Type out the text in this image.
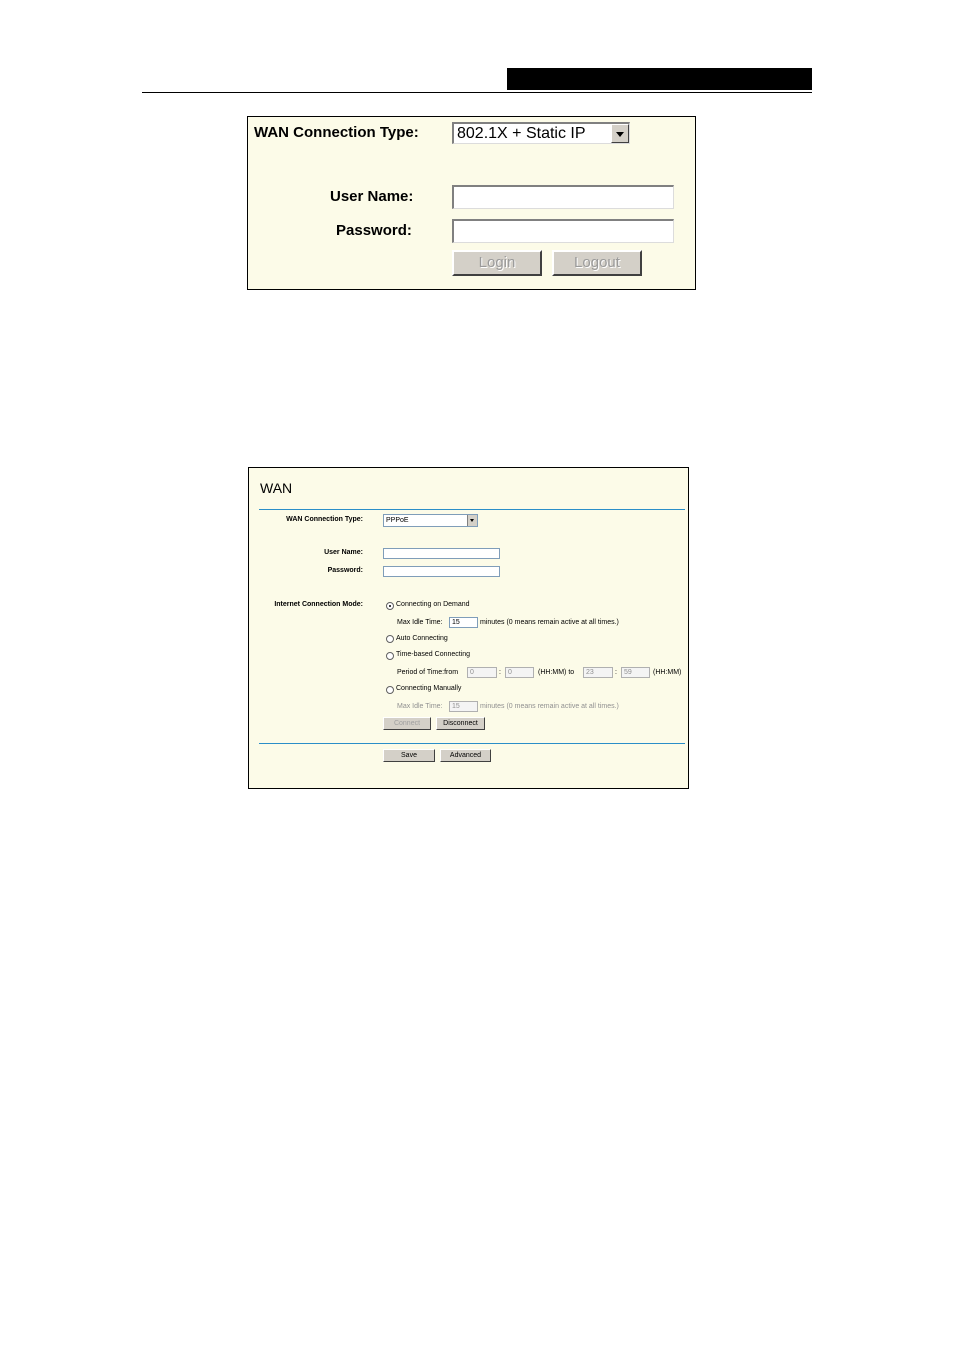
WAN Connection Type: 802.1X + Static IP
User Name:
Password:
Login	Logout
WAN
WAN Connection Type:	PPPoE
User Name:
Password:
Internet Connection Mode:	Connecting on Demand
Max Idle Time:	15	minutes (0 means remain active at all times.)
Auto Connecting
Time-based Connecting
Period of Time:from	0	:	0	(HH:MM) to	23	:	59	(HH:MM)
Connecting Manually
Max Idle Time:	15	minutes (0 means remain active at all times.)
Connect	Disconnect
Save	Advanced
